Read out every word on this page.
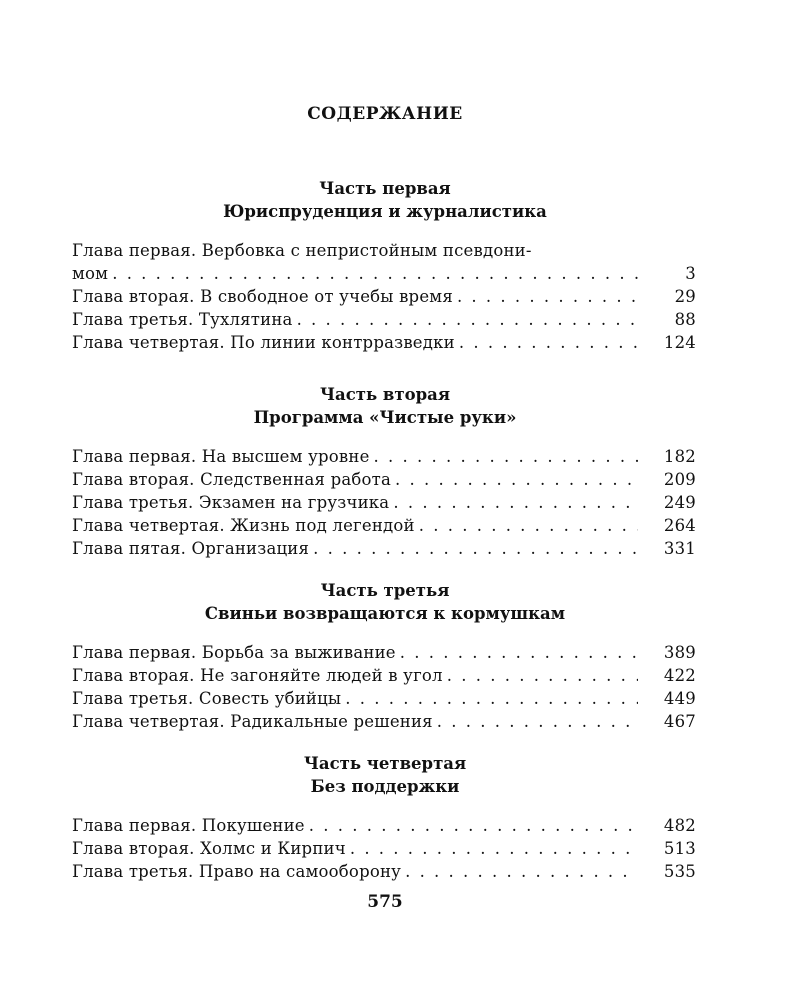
СОДЕРЖАНИЕ
Часть первая
Юриспруденция и журналистика
Глава первая. Вербовка с непристойным псевдони-
мом . . .	3
Глава вторая. В свободное от учебы время . . .	29
Глава третья. Тухлятина . . .	88
Глава четвертая. По линии контрразведки . . .	124
Часть вторая
Программа «Чистые руки»
Глава первая. На высшем уровне . . .	182
Глава вторая. Следственная работа . . .	209
Глава третья. Экзамен на грузчика . . .	249
Глава четвертая. Жизнь под легендой . . .	264
Глава пятая. Организация . . .	331
Часть третья
Свиньи возвращаются к кормушкам
Глава первая. Борьба за выживание . . .	389
Глава вторая. Не загоняйте людей в угол . . .	422
Глава третья. Совесть убийцы . . .	449
Глава четвертая. Радикальные решения . . .	467
Часть четвертая
Без поддержки
Глава первая. Покушение . . .	482
Глава вторая. Холмс и Кирпич . . .	513
Глава третья. Право на самооборону . . .	535
575
